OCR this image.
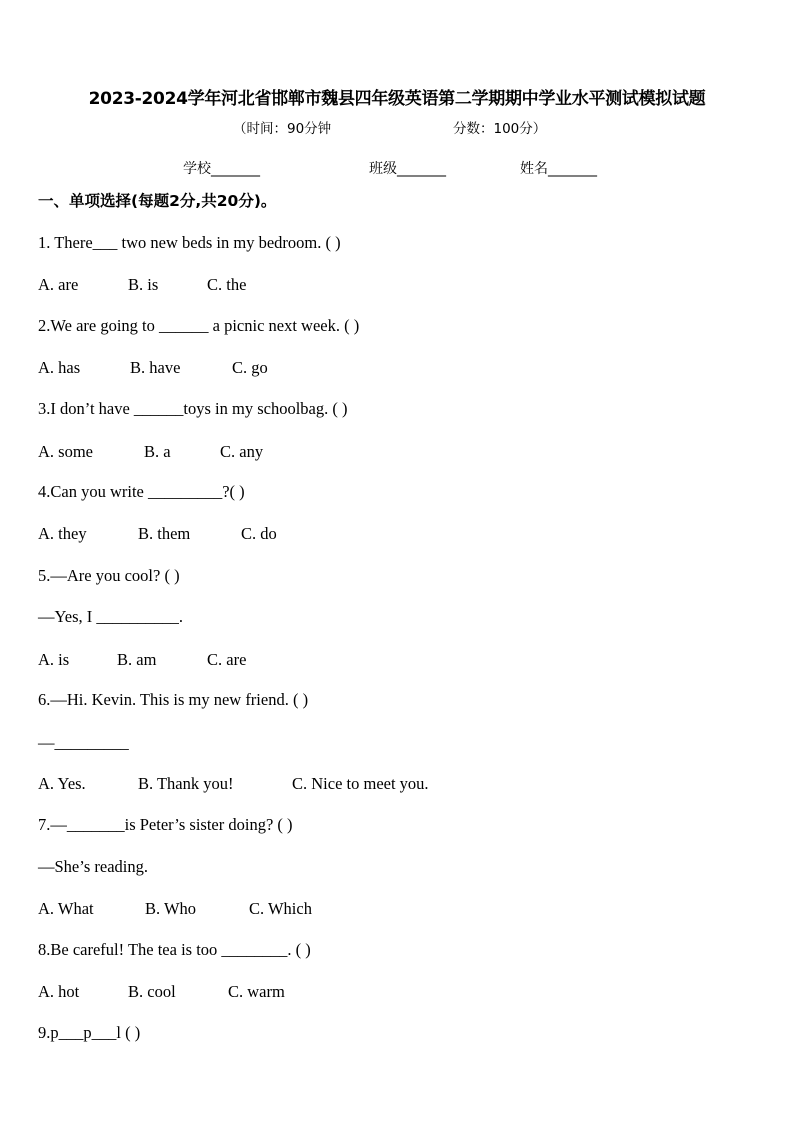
2023-2024学年河北省邯郸市魏县四年级英语第二学期期中学业水平测试模拟试题
（时间：90分钟	分数：100分）
学校_______	班级_______	姓名_______
一、单项选择(每题2分,共20分)。
1. There___ two new beds in my bedroom. ( )
A. are	B. is	C. the
2.We are going to ______ a picnic next week. ( )
A. has	B. have	C. go
3.I don’t have ______toys in my schoolbag. ( )
A. some	B. a	C. any
4.Can you write _________?( )
A. they	B. them	C. do
5.—Are you cool? ( )
—Yes, I __________.
A. is	B. am	C. are
6.—Hi. Kevin. This is my new friend. ( )
—_________
A. Yes.	B. Thank you!	C. Nice to meet you.
7.—_______is Peter’s sister doing? ( )
—She’s reading.
A. What	B. Who	C. Which
8.Be careful! The tea is too ________. ( )
A. hot	B. cool	C. warm
9.p___p___l ( )
